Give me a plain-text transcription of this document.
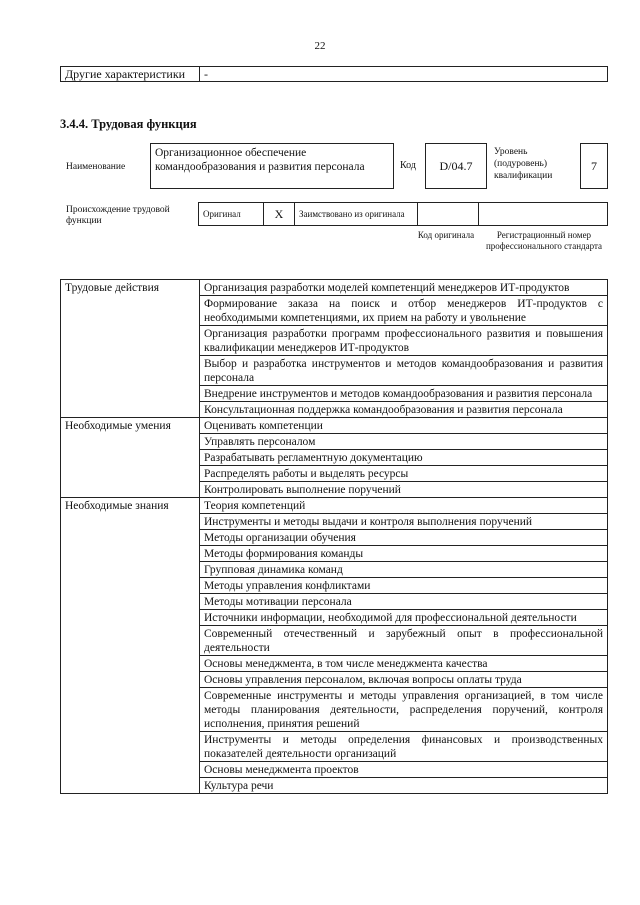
22
Другие характеристики	-
3.4.4. Трудовая функция
Наименование
Организационное обеспечение командообразования и развития персонала	Код	D/04.7
Уровень (подуровень) квалификации
7
Происхождение трудовой функции
Оригинал	X	Заимствовано из оригинала		
Код оригинала	Регистрационный номер профессионального стандарта
Трудовые действия	Организация разработки моделей компетенций менеджеров ИТ-продуктов
	Формирование заказа на поиск и отбор менеджеров ИТ-продуктов с необходимыми компетенциями, их прием на работу и увольнение
	Организация разработки программ профессионального развития и повышения квалификации менеджеров ИТ-продуктов
	Выбор и разработка инструментов и методов командообразования и развития персонала
	Внедрение инструментов и методов командообразования и развития персонала
	Консультационная поддержка командообразования и развития персонала
Необходимые умения	Оценивать компетенции
	Управлять персоналом
	Разрабатывать регламентную документацию
	Распределять работы и выделять ресурсы
	Контролировать выполнение поручений
Необходимые знания	Теория компетенций
	Инструменты и методы выдачи и контроля выполнения поручений
	Методы организации обучения
	Методы формирования команды
	Групповая динамика команд
	Методы управления конфликтами
	Методы мотивации персонала
	Источники информации, необходимой для профессиональной деятельности
	Современный отечественный и зарубежный опыт в профессиональной деятельности
	Основы менеджмента, в том числе менеджмента качества
	Основы управления персоналом, включая вопросы оплаты труда
	Современные инструменты и методы управления организацией, в том числе методы планирования деятельности, распределения поручений, контроля исполнения, принятия решений
	Инструменты и методы определения финансовых и производственных показателей деятельности организаций
	Основы менеджмента проектов
	Культура речи
